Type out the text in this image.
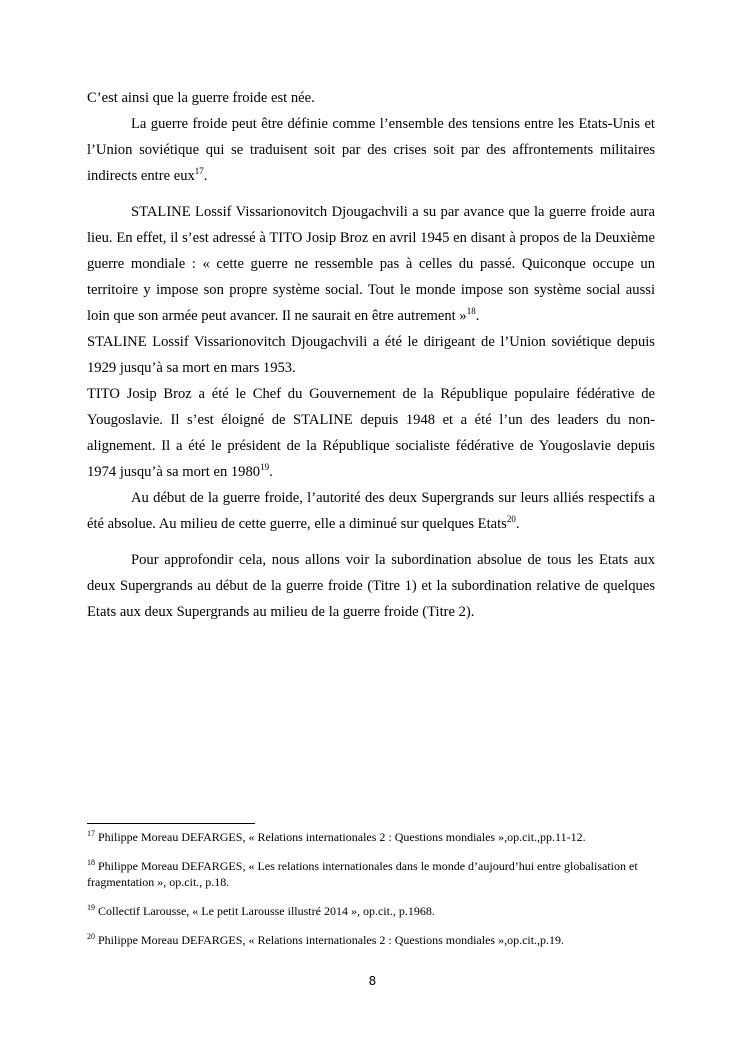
C’est ainsi que la guerre froide est née.

La guerre froide peut être définie comme l’ensemble des tensions entre les Etats-Unis et l’Union soviétique qui se traduisent soit par des crises soit par des affrontements militaires indirects entre eux$^{17}$.

STALINE Lossif Vissarionovitch Djougachvili a su par avance que la guerre froide aura lieu. En effet, il s’est adressé à TITO Josip Broz en avril 1945 en disant à propos de la Deuxième guerre mondiale : « cette guerre ne ressemble pas à celles du passé. Quiconque occupe un territoire y impose son propre système social. Tout le monde impose son système social aussi loin que son armée peut avancer. Il ne saurait en être autrement »$^{18}$.

STALINE Lossif Vissarionovitch Djougachvili a été le dirigeant de l’Union soviétique depuis 1929 jusqu’à sa mort en mars 1953.

TITO Josip Broz a été le Chef du Gouvernement de la République populaire fédérative de Yougoslavie. Il s’est éloigné de STALINE depuis 1948 et a été l’un des leaders du non-alignement. Il a été le président de la République socialiste fédérative de Yougoslavie depuis 1974 jusqu’à sa mort en 1980$^{19}$.

Au début de la guerre froide, l’autorité des deux Supergrands sur leurs alliés respectifs a été absolue. Au milieu de cette guerre, elle a diminué sur quelques Etats$^{20}$.

Pour approfondir cela, nous allons voir la subordination absolue de tous les Etats aux deux Supergrands au début de la guerre froide (Titre 1) et la subordination relative de quelques Etats aux deux Supergrands au milieu de la guerre froide (Titre 2).

$^{17}$ Philippe Moreau DEFARGES, « Relations internationales 2 : Questions mondiales »,op.cit.,pp.11-12.

$^{18}$ Philippe Moreau DEFARGES, « Les relations internationales dans le monde d’aujourd’hui entre globalisation et fragmentation », op.cit., p.18.

$^{19}$ Collectif Larousse, « Le petit Larousse illustré 2014 », op.cit., p.1968.

$^{20}$ Philippe Moreau DEFARGES, « Relations internationales 2 : Questions mondiales »,op.cit.,p.19.

8
